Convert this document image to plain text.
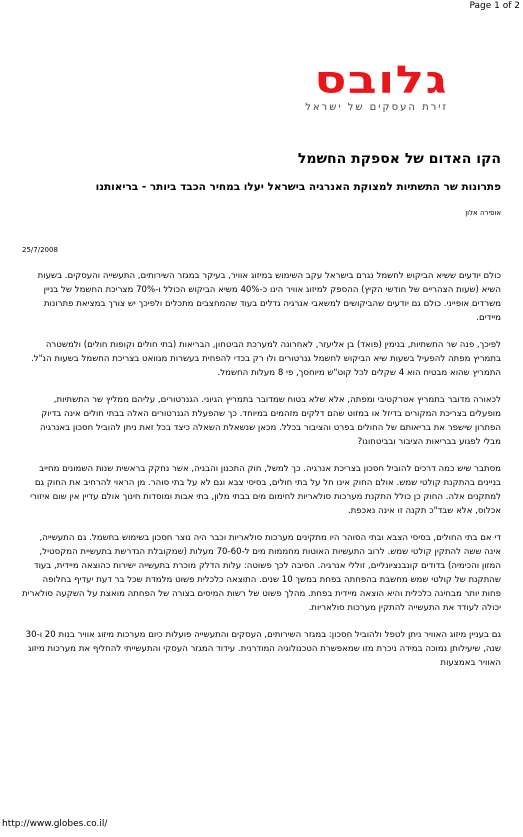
Page 1 of 2
גלובס
זירת העסקים של ישראל
הקו האדום של אספקת החשמל
פתרונות שר התשתיות למצוקת האנרגיה בישראל יעלו במחיר הכבד ביותר - בריאותנו
אופירה אלון
25/7/2008

כולם יודעים ששיא הביקוש לחשמל נגרם בישראל עקב השימוש במיזוג אוויר, בעיקר במגזר השירותים, התעשייה והעסקים. בשעות השיא (שעות הצהריים של חודשי הקיץ) ההספק למיזוג אוויר הינו כ-40% משיא הביקוש הכולל ו-70% מצריכת החשמל של בניין משרדים אופייני. כולם גם יודעים שהביקושים למשאבי אנרגיה גדלים בעוד שהמחצבים מתכלים ולפיכך יש צורך במציאת פתרונות מיידים.

לפיכך, פנה שר התשתיות, בנימין (פואד) בן אליעזר, לאחרונה למערכת הביטחון, הבריאות (בתי חולים וקופות חולים) ולמשטרה בתמריץ מפתה להפעיל בשעות שיא הביקוש לחשמל גנרטורים ולו רק בכדי להפחית בעשרות מגוואט בצריכת החשמל בשעות הנ"ל. התמריץ שהוא מבטיח הוא 4 שקלים לכל קוט"ש מיוחסך, פי 8 מעלות החשמל.

לכאורה מדובר בתמריץ אטרקטיבי ומפתה, אלא שלא בטוח שמדובר בתמריץ הגיוני. הגנרטורים, עליהם ממליץ שר התשתיות, מופעלים בצריכת המקורים בדיזל או במזוט שהם דלקים מזהמים במיוחד. כך שהפעלת הגנרטורים האלה בבתי חולים אינה בדיוק הפתרון שישפר את בריאותם של החולים בפרט והציבור בכלל. מכאן שנשאלת השאלה כיצד בכל זאת ניתן להוביל חסכון באנרגיה מבלי לפגוע בבריאות הציבור ובביטחונו?

מסתבר שיש כמה דרכים להוביל חסכון בצריכת אנרגיה. כך למשל, חוק התכנון והבניה, אשר נחקק בראשית שנות השמונים מחייב בניינים בהתקנת קולטי שמש. אולם החוק אינו חל על בתי חולים, בסיסי צבא וגם לא על בתי סוהר. מן הראוי להרחיב את החוק גם למתקנים אלה. החוק כן כולל התקנת מערכות סולאריות לחימום מים בבתי מלון, בתי אבות ומוסדות חינוך אולם עדיין אין שום איזורי אכלוס, אלא שבד"כ תקנה זו אינה נאכפת.

די אם בתי החולים, בסיסי הצבא ובתי הסוהר היו מתקינים מערכות סולאריות וכבר היה נוצר חסכון בשימוש בחשמל. גם התעשייה, אינה ששה להתקין קולטי שמש. לרוב התעשיות האוטות מחממות מים ל-70-60 מעלות (שמקובלת הנדרשת בתעשיית המקסטיל, המזון והכימיה) בדודים קונבנציונליים, זוללי אנרגיה. הסיבה לכך פשוטה: עלות הדלק מוכרת בתעשייה ישירות כהוצאה מיידית, בעוד שהתקנת של קולטי שמש מחשבת בהפחתה בפחת במשך 10 שנים. התוצאה כלכלית פשוט מלמדת שכל בר דעת יעדיף בחלופה פחות יותר מבחינה כלכלית והיא הוצאה מיידית בפחת. מהלך פשוט של רשות המיסים בצורה של הפחתה מואצת על השקעה סולארית יכולה לעודד את התעשייה להתקין מערכות סולאריות.

גם בעניין מיזוג האוויר ניתן לטפל ולהוביל חסכון: במגזר השירותים, העסקים והתעשייה פועלות כיום מערכות מיזוג אוויר בנות 20 ו-30 שנה, שיעילותן נמוכה במידה ניכרת מזו שמאפשרת הטכנולוגיה המודרנית. עידוד המגזר העסקי והתעשייתי להחליף את מערכות מיזוג האוויר באמצעות

http://www.globes.co.il/
